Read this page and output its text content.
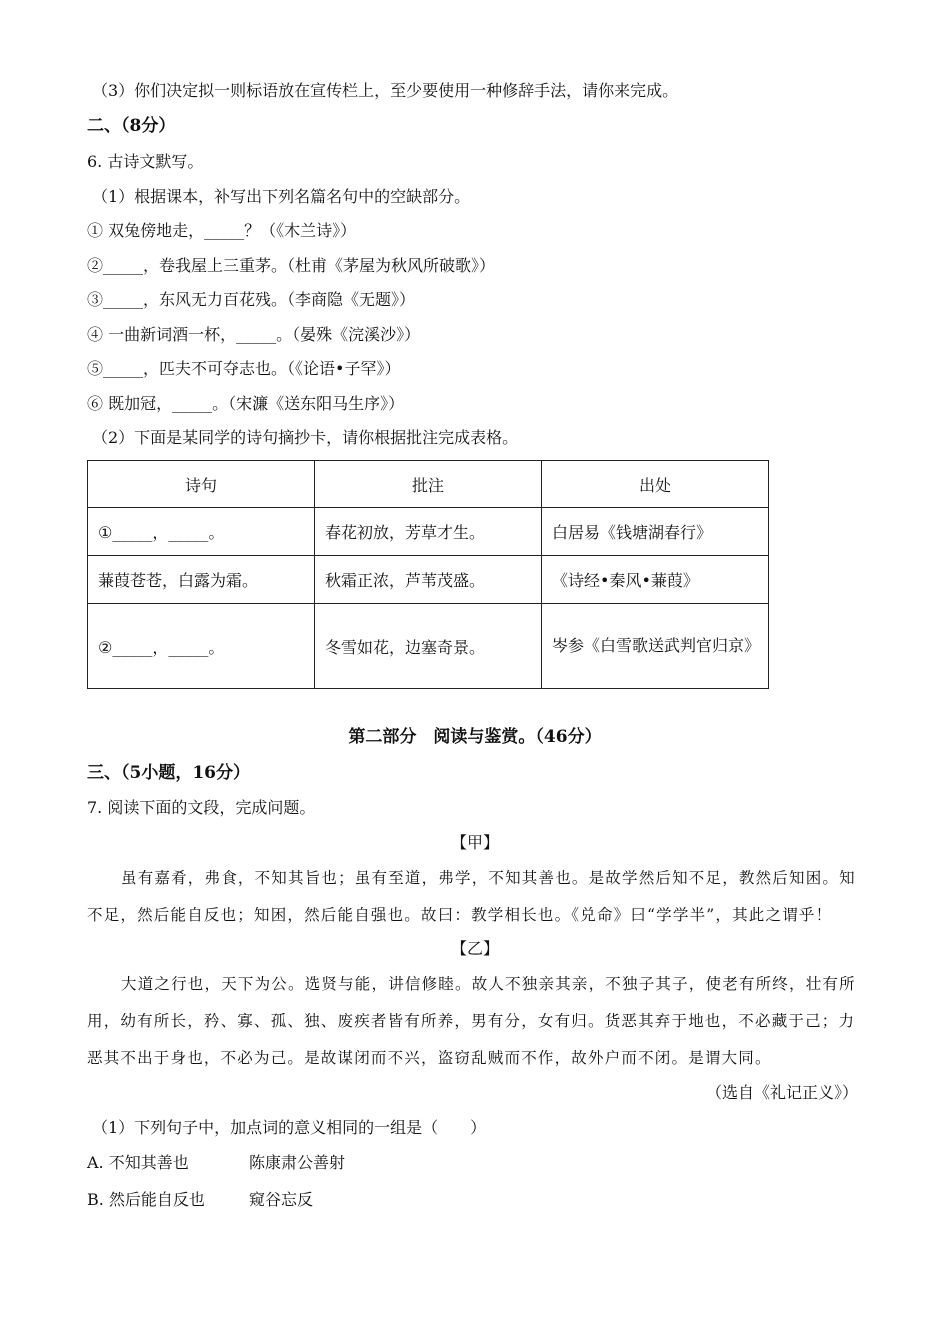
（3）你们决定拟一则标语放在宣传栏上，至少要使用一种修辞手法，请你来完成。
二、（8分）
6. 古诗文默写。
（1）根据课本，补写出下列名篇名句中的空缺部分。
① 双兔傍地走，_____？（《木兰诗》）
②_____，卷我屋上三重茅。（杜甫《茅屋为秋风所破歌》）
③_____，东风无力百花残。（李商隐《无题》）
④ 一曲新词酒一杯，_____。（晏殊《浣溪沙》）
⑤_____，匹夫不可夺志也。（《论语•子罕》）
⑥ 既加冠，_____。（宋濂《送东阳马生序》）
（2）下面是某同学的诗句摘抄卡，请你根据批注完成表格。
诗句	批注	出处
①_____，_____。	春花初放，芳草才生。	白居易《钱塘湖春行》
蒹葭苍苍，白露为霜。	秋霜正浓，芦苇茂盛。	《诗经•秦风•蒹葭》
②_____，_____。	冬雪如花，边塞奇景。	岑参《白雪歌送武判官归京》
第二部分　阅读与鉴赏。（46分）
三、（5小题，16分）
7. 阅读下面的文段，完成问题。
【甲】
虽有嘉肴，弗食，不知其旨也；虽有至道，弗学，不知其善也。是故学然后知不足，教然后知困。知
不足，然后能自反也；知困，然后能自强也。故曰：教学相长也。《兑命》曰“学学半”，其此之谓乎！
【乙】
大道之行也，天下为公。选贤与能，讲信修睦。故人不独亲其亲，不独子其子，使老有所终，壮有所
用，幼有所长，矜、寡、孤、独、废疾者皆有所养，男有分，女有归。货恶其弃于地也，不必藏于己；力
恶其不出于身也，不必为己。是故谋闭而不兴，盗窃乱贼而不作，故外户而不闭。是谓大同。
（选自《礼记正义》）
（1）下列句子中，加点词的意义相同的一组是（　　）
A. 不知其善也	陈康肃公善射
B. 然后能自反也	窥谷忘反
